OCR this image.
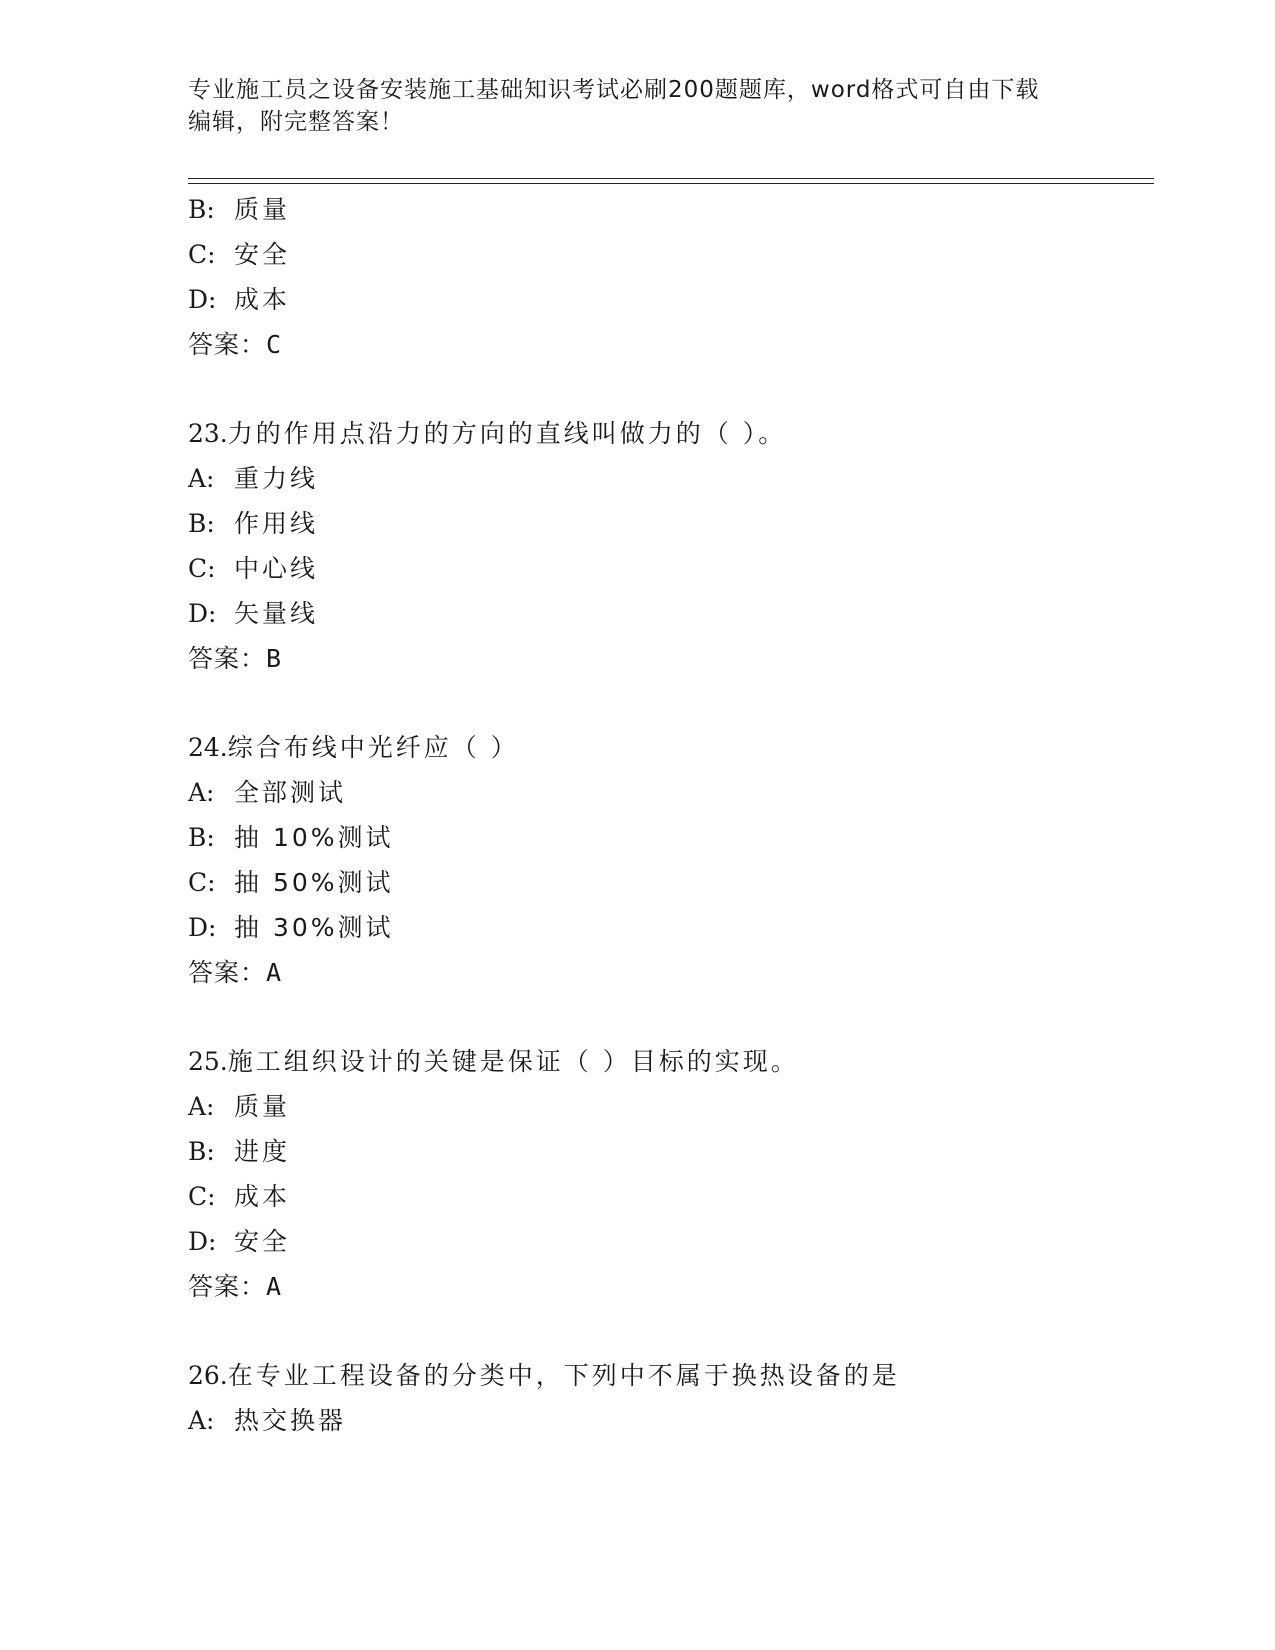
专业施工员之设备安装施工基础知识考试必刷200题题库，word格式可自由下载
编辑，附完整答案！
B: 质量
C: 安全
D: 成本
答案：C
23.力的作用点沿力的方向的直线叫做力的（ ）。
A: 重力线
B: 作用线
C: 中心线
D: 矢量线
答案：B
24.综合布线中光纤应（ ）
A: 全部测试
B: 抽 10%测试
C: 抽 50%测试
D: 抽 30%测试
答案：A
25.施工组织设计的关键是保证（ ）目标的实现。
A: 质量
B: 进度
C: 成本
D: 安全
答案：A
26.在专业工程设备的分类中，下列中不属于换热设备的是
A: 热交换器
